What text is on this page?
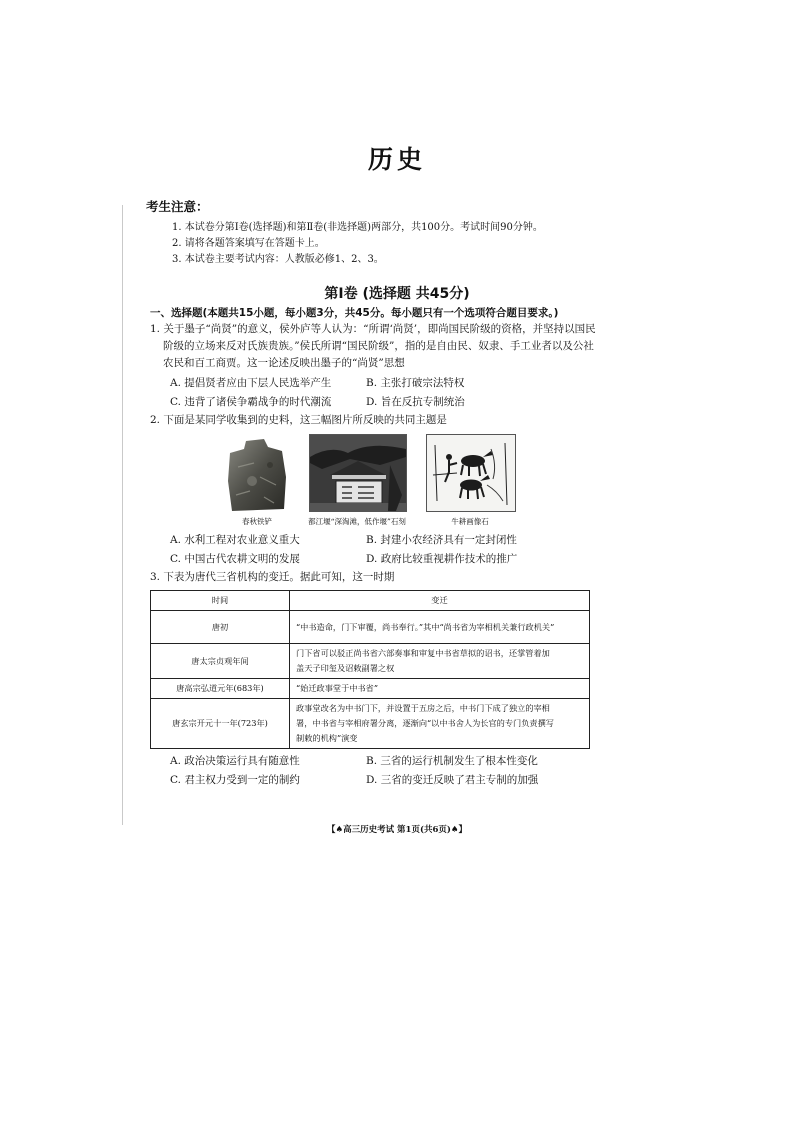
历史
考生注意：
1. 本试卷分第Ⅰ卷(选择题)和第Ⅱ卷(非选择题)两部分，共100分。考试时间90分钟。
2. 请将各题答案填写在答题卡上。
3. 本试卷主要考试内容：人教版必修1、2、3。
第Ⅰ卷 (选择题 共45分)
一、选择题(本题共15小题，每小题3分，共45分。每小题只有一个选项符合题目要求。)
1. 关于墨子“尚贤”的意义，侯外庐等人认为：“所谓‘尚贤’，即尚国民阶级的资格，并坚持以国民
阶级的立场来反对氏族贵族。”侯氏所谓“国民阶级”，指的是自由民、奴隶、手工业者以及公社
农民和百工商贾。这一论述反映出墨子的“尚贤”思想
A. 提倡贤者应由下层人民选举产生	B. 主张打破宗法特权
C. 违背了诸侯争霸战争的时代潮流	D. 旨在反抗专制统治
2. 下面是某同学收集到的史料，这三幅图片所反映的共同主题是
春秋铁铲	都江堰“深淘滩，低作堰”石刻	牛耕画像石
A. 水利工程对农业意义重大	B. 封建小农经济具有一定封闭性
C. 中国古代农耕文明的发展	D. 政府比较重视耕作技术的推广
3. 下表为唐代三省机构的变迁。据此可知，这一时期
时间	变迁
唐初	“中书造命，门下审覆，尚书奉行。”其中“尚书省为宰相机关兼行政机关”
唐太宗贞观年间	门下省可以驳正尚书省六部奏事和审复中书省草拟的诏书，还掌管着加
盖天子印玺及诏敕副署之权
唐高宗弘道元年(683年)	“始迁政事堂于中书省”
唐玄宗开元十一年(723年)	政事堂改名为中书门下，并设置于五房之后，中书门下成了独立的宰相
署，中书省与宰相府署分离，逐渐向“以中书舍人为长官的专门负责撰写
制敕的机构”演变
A. 政治决策运行具有随意性	B. 三省的运行机制发生了根本性变化
C. 君主权力受到一定的制约	D. 三省的变迁反映了君主专制的加强
【♠高三历史考试 第1页(共6页)♠】
